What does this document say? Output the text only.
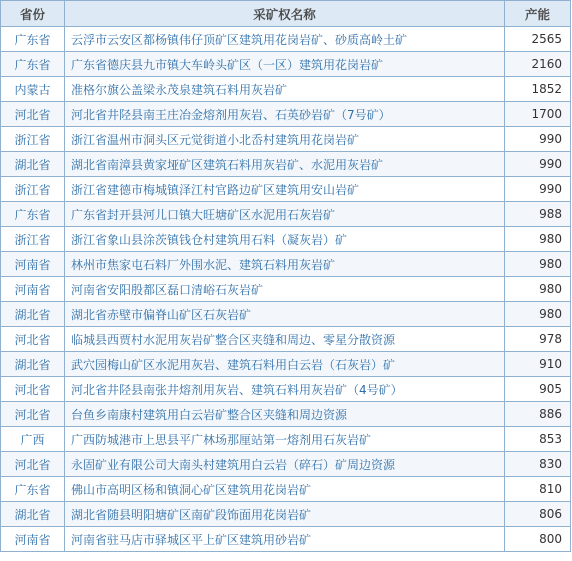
省份	采矿权名称	产能
广东省	云浮市云安区都杨镇伟仔顶矿区建筑用花岗岩矿、砂质高岭土矿	2565
广东省	广东省德庆县九市镇大车岭头矿区（一区）建筑用花岗岩矿	2160
内蒙古	准格尔旗公盖梁永茂泉建筑石料用灰岩矿	1852
河北省	河北省井陉县南王庄冶金熔剂用灰岩、石英砂岩矿（7号矿）	1700
浙江省	浙江省温州市洞头区元觉街道小北岙村建筑用花岗岩矿	990
湖北省	湖北省南漳县黄家垭矿区建筑石料用灰岩矿、水泥用灰岩矿	990
浙江省	浙江省建德市梅城镇泽江村官路边矿区建筑用安山岩矿	990
广东省	广东省封开县河儿口镇大旺塘矿区水泥用石灰岩矿	988
浙江省	浙江省象山县涂茨镇钱仓村建筑用石料（凝灰岩）矿	980
河南省	林州市焦家屯石料厂外围水泥、建筑石料用灰岩矿	980
河南省	河南省安阳殷都区磊口清峪石灰岩矿	980
湖北省	湖北省赤壁市偏脊山矿区石灰岩矿	980
河北省	临城县西贾村水泥用灰岩矿整合区夹缝和周边、零星分散资源	978
湖北省	武穴园梅山矿区水泥用灰岩、建筑石料用白云岩（石灰岩）矿	910
河北省	河北省井陉县南张井熔剂用灰岩、建筑石料用灰岩矿（4号矿）	905
河北省	台鱼乡南康村建筑用白云岩矿整合区夹缝和周边资源	886
广西	广西防城港市上思县平广林场那厘站第一熔剂用石灰岩矿	853
河北省	永固矿业有限公司大南头村建筑用白云岩（碎石）矿周边资源	830
广东省	佛山市高明区杨和镇洞心矿区建筑用花岗岩矿	810
湖北省	湖北省随县明阳塘矿区南矿段饰面用花岗岩矿	806
河南省	河南省驻马店市驿城区平上矿区建筑用砂岩矿	800
